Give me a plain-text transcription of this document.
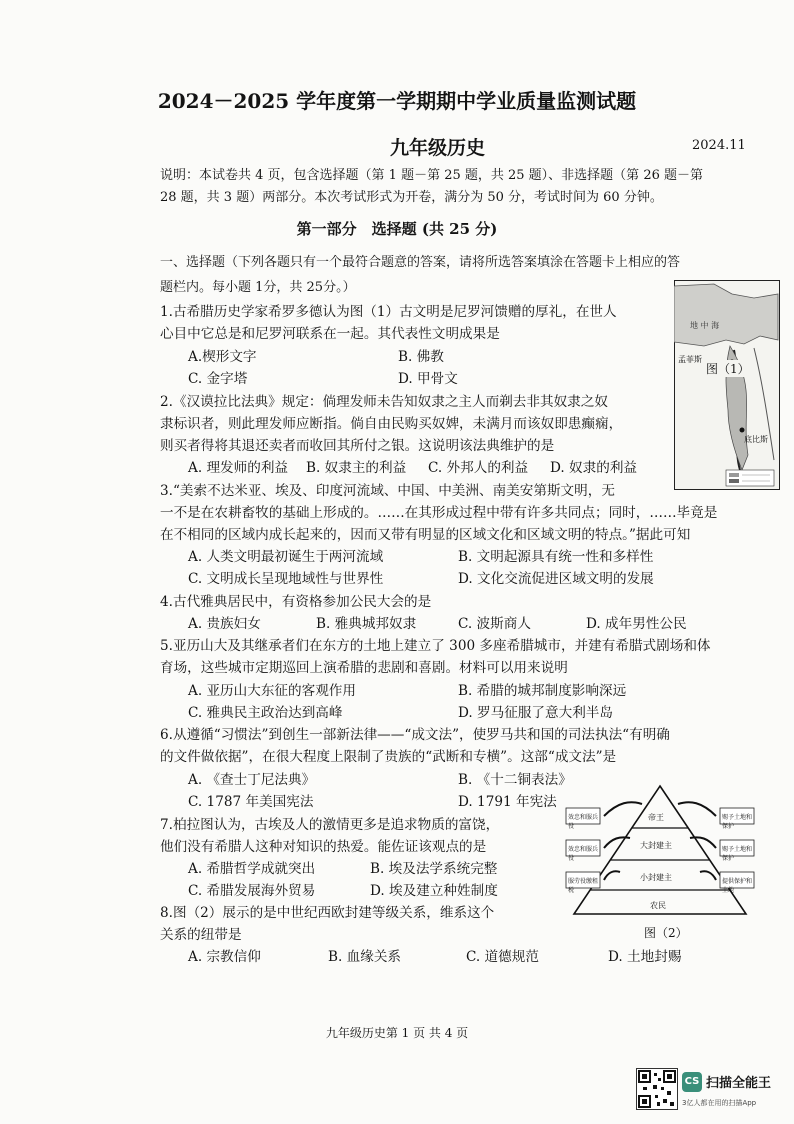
2024－2025 学年度第一学期期中学业质量监测试题
九年级历史	2024.11
说明：本试卷共 4 页，包含选择题（第 1 题－第 25 题，共 25 题）、非选择题（第 26 题－第
28 题，共 3 题）两部分。本次考试形式为开卷，满分为 50 分，考试时间为 60 分钟。
第一部分　选择题 (共 25 分)
一、选择题（下列各题只有一个最符合题意的答案，请将所选答案填涂在答题卡上相应的答
题栏内。每小题 1分，共 25分。）
1.古希腊历史学家希罗多德认为图（1）古文明是尼罗河馈赠的厚礼，在世人
心目中它总是和尼罗河联系在一起。其代表性文明成果是
A.楔形文字	B. 佛教
C. 金字塔	D. 甲骨文
2.《汉谟拉比法典》规定：倘理发师未告知奴隶之主人而剃去非其奴隶之奴
隶标识者，则此理发师应断指。倘自由民购买奴婢，未满月而该奴即患癫痫，
则买者得将其退还卖者而收回其所付之银。这说明该法典维护的是
A. 理发师的利益 B. 奴隶主的利益 C. 外邦人的利益 D. 奴隶的利益
3.“美索不达米亚、埃及、印度河流域、中国、中美洲、南美安第斯文明，无
一不是在农耕畜牧的基础上形成的。……在其形成过程中带有许多共同点；同时，……毕竟是
在不相同的区域内成长起来的，因而又带有明显的区域文化和区域文明的特点。”据此可知
A. 人类文明最初诞生于两河流域	B. 文明起源具有统一性和多样性
C. 文明成长呈现地域性与世界性	D. 文化交流促进区域文明的发展
4.古代雅典居民中，有资格参加公民大会的是
A. 贵族妇女	B. 雅典城邦奴隶	C. 波斯商人	D. 成年男性公民
5.亚历山大及其继承者们在东方的土地上建立了 300 多座希腊城市，并建有希腊式剧场和体
育场，这些城市定期巡回上演希腊的悲剧和喜剧。材料可以用来说明
A. 亚历山大东征的客观作用	B. 希腊的城邦制度影响深远
C. 雅典民主政治达到高峰	D. 罗马征服了意大利半岛
6.从遵循“习惯法”到创生一部新法律——“成文法”，使罗马共和国的司法执法“有明确
的文件做依据”，在很大程度上限制了贵族的“武断和专横”。这部“成文法”是
A. 《查士丁尼法典》	B. 《十二铜表法》
C. 1787 年美国宪法	D. 1791 年宪法
7.柏拉图认为，古埃及人的激情更多是追求物质的富饶，
他们没有希腊人这种对知识的热爱。能佐证该观点的是
A. 希腊哲学成就突出	B. 埃及法学系统完整
C. 希腊发展海外贸易	D. 埃及建立种姓制度
8.图（2）展示的是中世纪西欧封建等级关系，维系这个
关系的纽带是
A. 宗教信仰	B. 血缘关系	C. 道德规范	D. 土地封赐
地 中 海
孟菲斯
底比斯
图（1）
帝王
大封建主
小封建主
农民
效忠和服兵役
效忠和服兵役
服劳役缴租税
赐予土地和保护
赐予土地和保护
提供保护和土地
图（2）
九年级历史第 1 页 共 4 页
CS 扫描全能王
3亿人都在用的扫描App
